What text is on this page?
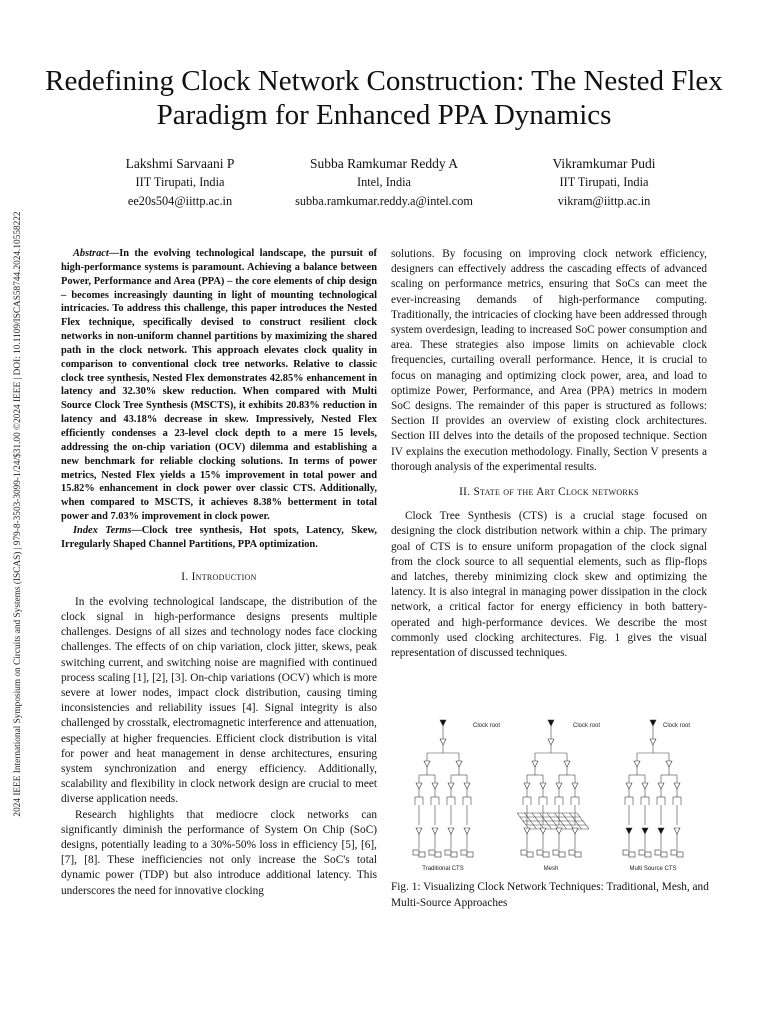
2024 IEEE International Symposium on Circuits and Systems (ISCAS) | 979-8-3503-3099-1/24/$31.00 ©2024 IEEE | DOI: 10.1109/ISCAS58744.2024.10558222
Redefining Clock Network Construction: The Nested Flex Paradigm for Enhanced PPA Dynamics
Lakshmi Sarvaani P
IIT Tirupati, India
ee20s504@iittp.ac.in
Subba Ramkumar Reddy A
Intel, India
subba.ramkumar.reddy.a@intel.com
Vikramkumar Pudi
IIT Tirupati, India
vikram@iittp.ac.in

Abstract—In the evolving technological landscape, the pursuit of high-performance systems is paramount. Achieving a balance between Power, Performance and Area (PPA) – the core elements of chip design – becomes increasingly daunting in light of mounting technological intricacies. To address this challenge, this paper introduces the Nested Flex technique, specifically devised to construct resilient clock networks in non-uniform channel partitions by maximizing the shared path in the clock network. This approach elevates clock quality in comparison to conventional clock tree networks. Relative to classic clock tree synthesis, Nested Flex demonstrates 42.85% enhancement in latency and 32.30% skew reduction. When compared with Multi Source Clock Tree Synthesis (MSCTS), it exhibits 20.83% reduction in latency and 43.18% decrease in skew. Impressively, Nested Flex efficiently condenses a 23-level clock depth to a mere 15 levels, addressing the on-chip variation (OCV) dilemma and establishing a new benchmark for reliable clocking solutions. In terms of power metrics, Nested Flex yields a 15% improvement in total power and 15.82% enhancement in clock power over classic CTS. Additionally, when compared to MSCTS, it achieves 8.38% betterment in total power and 7.03% improvement in clock power.

Index Terms—Clock tree synthesis, Hot spots, Latency, Skew, Irregularly Shaped Channel Partitions, PPA optimization.

I. Introduction

In the evolving technological landscape, the distribution of the clock signal in high-performance designs presents multiple challenges. Designs of all sizes and technology nodes face clocking challenges. The effects of on chip variation, clock jitter, skews, peak switching current, and switching noise are magnified with continued process scaling [1], [2], [3]. On-chip variations (OCV) which is more severe at lower nodes, impact clock distribution, causing timing inconsistencies and reliability issues [4]. Signal integrity is also challenged by crosstalk, electromagnetic interference and attenuation, especially at higher frequencies. Efficient clock distribution is vital for power and heat management in dense architectures, ensuring system synchronization and energy efficiency. Additionally, scalability and flexibility in clock network design are crucial to meet diverse application needs.

Research highlights that mediocre clock networks can significantly diminish the performance of System On Chip (SoC) designs, potentially leading to a 30%-50% loss in efficiency [5], [6], [7], [8]. These inefficiencies not only increase the SoC's total dynamic power (TDP) but also introduce additional latency. This underscores the need for innovative clocking

solutions. By focusing on improving clock network efficiency, designers can effectively address the cascading effects of advanced scaling on performance metrics, ensuring that SoCs can meet the ever-increasing demands of high-performance computing. Traditionally, the intricacies of clocking have been addressed through system overdesign, leading to increased SoC power consumption and area. These strategies also impose limits on achievable clock frequencies, curtailing overall performance. Hence, it is crucial to focus on managing and optimizing clock power, area, and load to optimize Power, Performance, and Area (PPA) metrics in modern SoC designs. The remainder of this paper is structured as follows: Section II provides an overview of existing clock architectures. Section III delves into the details of the proposed technique. Section IV explains the execution methodology. Finally, Section V presents a thorough analysis of the experimental results.

II. State of the Art Clock networks

Clock Tree Synthesis (CTS) is a crucial stage focused on designing the clock distribution network within a chip. The primary goal of CTS is to ensure uniform propagation of the clock signal from the clock source to all sequential elements, such as flip-flops and latches, thereby minimizing clock skew and optimizing the latency. It is also integral in managing power dissipation in the clock network, a critical factor for energy efficiency in both battery-operated and high-performance devices. We describe the most commonly used clocking architectures. Fig. 1 gives the visual representation of discussed techniques.

Clock root	Clock root	Clock root
Traditional CTS	Mesh	Multi Source CTS
Fig. 1: Visualizing Clock Network Techniques: Traditional, Mesh, and Multi-Source Approaches
